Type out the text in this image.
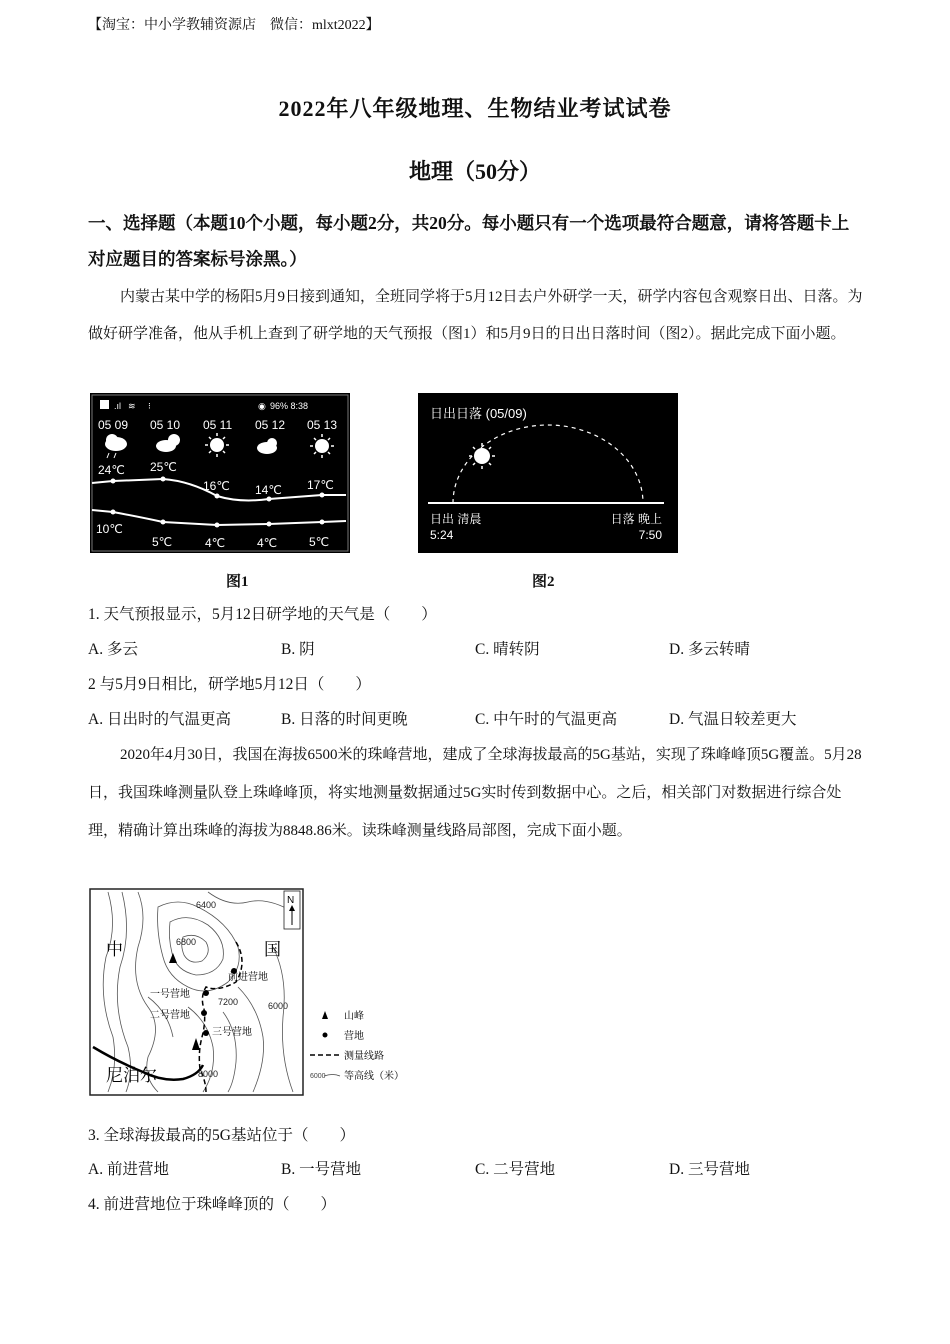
【淘宝：中小学教辅资源店　微信：mlxt2022】
2022年八年级地理、生物结业考试试卷
地理（50分）
一、选择题（本题10个小题，每小题2分，共20分。每小题只有一个选项最符合题意，请将答题卡上对应题目的答案标号涂黑。）
内蒙古某中学的杨阳5月9日接到通知，全班同学将于5月12日去户外研学一天，研学内容包含观察日出、日落。为做好研学准备，他从手机上查到了研学地的天气预报（图1）和5月9日的日出日落时间（图2）。据此完成下面小题。
.ıl ≋ ⁝	◉ 96% 8:38
05 09 05 10 05 11 05 12 05 13
24℃ 25℃
16℃ 14℃ 17℃
10℃
5℃	4℃	4℃	5℃
图1
日出日落 (05/09)
日出 清晨
5:24
日落 晚上
7:50
图2
1. 天气预报显示，5月12日研学地的天气是（　　）
A. 多云	B. 阴	C. 晴转阴	D. 多云转晴
2 与5月9日相比，研学地5月12日（　　）
A. 日出时的气温更高	B. 日落的时间更晚	C. 中午时的气温更高	D. 气温日较差更大
2020年4月30日，我国在海拔6500米的珠峰营地，建成了全球海拔最高的5G基站，实现了珠峰峰顶5G覆盖。5月28日，我国珠峰测量队登上珠峰峰顶，将实地测量数据通过5G实时传到数据中心。之后，相关部门对数据进行综合处理，精确计算出珠峰的海拔为8848.86米。读珠峰测量线路局部图，完成下面小题。
6400
6800
7200	6000
8000
前进营地
一号营地
二号营地
三号营地
中	国
尼泊尔
N
山峰
营地
测量线路
6000 等高线（米）
3. 全球海拔最高的5G基站位于（　　）
A. 前进营地	B. 一号营地	C. 二号营地	D. 三号营地
4. 前进营地位于珠峰峰顶的（　　）
